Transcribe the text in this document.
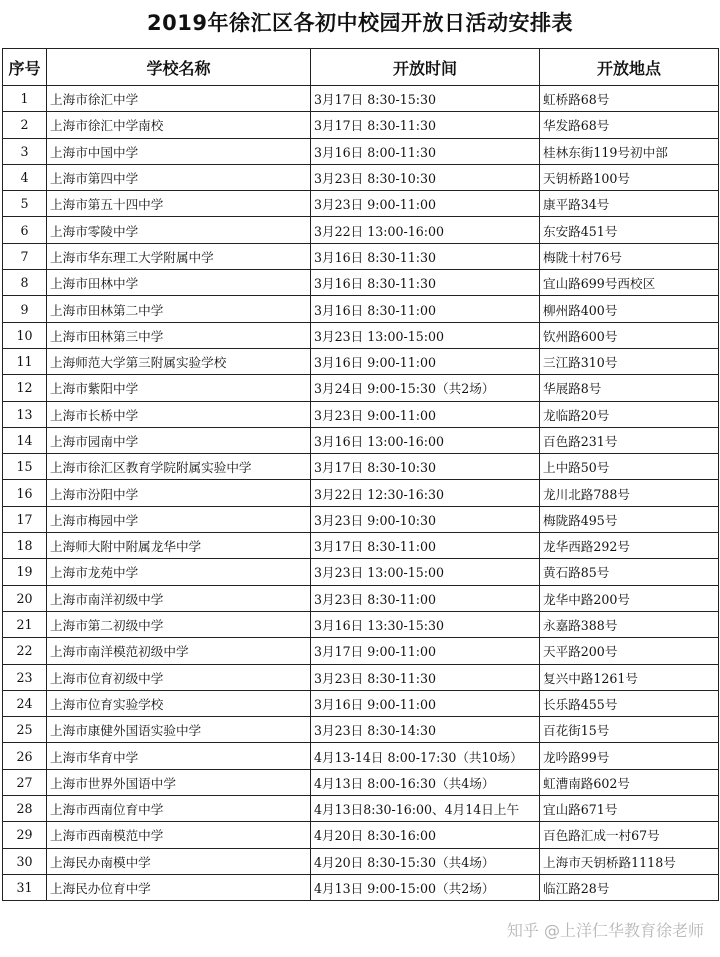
2019年徐汇区各初中校园开放日活动安排表
序号	学校名称	开放时间	开放地点
1	上海市徐汇中学	3月17日 8:30-15:30	虹桥路68号
2	上海市徐汇中学南校	3月17日 8:30-11:30	华发路68号
3	上海市中国中学	3月16日 8:00-11:30	桂林东街119号初中部
4	上海市第四中学	3月23日 8:30-10:30	天钥桥路100号
5	上海市第五十四中学	3月23日 9:00-11:00	康平路34号
6	上海市零陵中学	3月22日 13:00-16:00	东安路451号
7	上海市华东理工大学附属中学	3月16日 8:30-11:30	梅陇十村76号
8	上海市田林中学	3月16日 8:30-11:30	宜山路699号西校区
9	上海市田林第二中学	3月16日 8:30-11:00	柳州路400号
10	上海市田林第三中学	3月23日 13:00-15:00	钦州路600号
11	上海师范大学第三附属实验学校	3月16日 9:00-11:00	三江路310号
12	上海市紫阳中学	3月24日 9:00-15:30（共2场）	华展路8号
13	上海市长桥中学	3月23日 9:00-11:00	龙临路20号
14	上海市园南中学	3月16日 13:00-16:00	百色路231号
15	上海市徐汇区教育学院附属实验中学	3月17日 8:30-10:30	上中路50号
16	上海市汾阳中学	3月22日 12:30-16:30	龙川北路788号
17	上海市梅园中学	3月23日 9:00-10:30	梅陇路495号
18	上海师大附中附属龙华中学	3月17日 8:30-11:00	龙华西路292号
19	上海市龙苑中学	3月23日 13:00-15:00	黄石路85号
20	上海市南洋初级中学	3月23日 8:30-11:00	龙华中路200号
21	上海市第二初级中学	3月16日 13:30-15:30	永嘉路388号
22	上海市南洋模范初级中学	3月17日 9:00-11:00	天平路200号
23	上海市位育初级中学	3月23日 8:30-11:30	复兴中路1261号
24	上海市位育实验学校	3月16日 9:00-11:00	长乐路455号
25	上海市康健外国语实验中学	3月23日 8:30-14:30	百花街15号
26	上海市华育中学	4月13-14日 8:00-17:30（共10场）	龙吟路99号
27	上海市世界外国语中学	4月13日 8:00-16:30（共4场）	虹漕南路602号
28	上海市西南位育中学	4月13日8:30-16:00、4月14日上午	宜山路671号
29	上海市西南模范中学	4月20日 8:30-16:00	百色路汇成一村67号
30	上海民办南模中学	4月20日 8:30-15:30（共4场）	上海市天钥桥路1118号
31	上海民办位育中学	4月13日 9:00-15:00（共2场）	临江路28号
知乎 @上洋仁华教育徐老师
